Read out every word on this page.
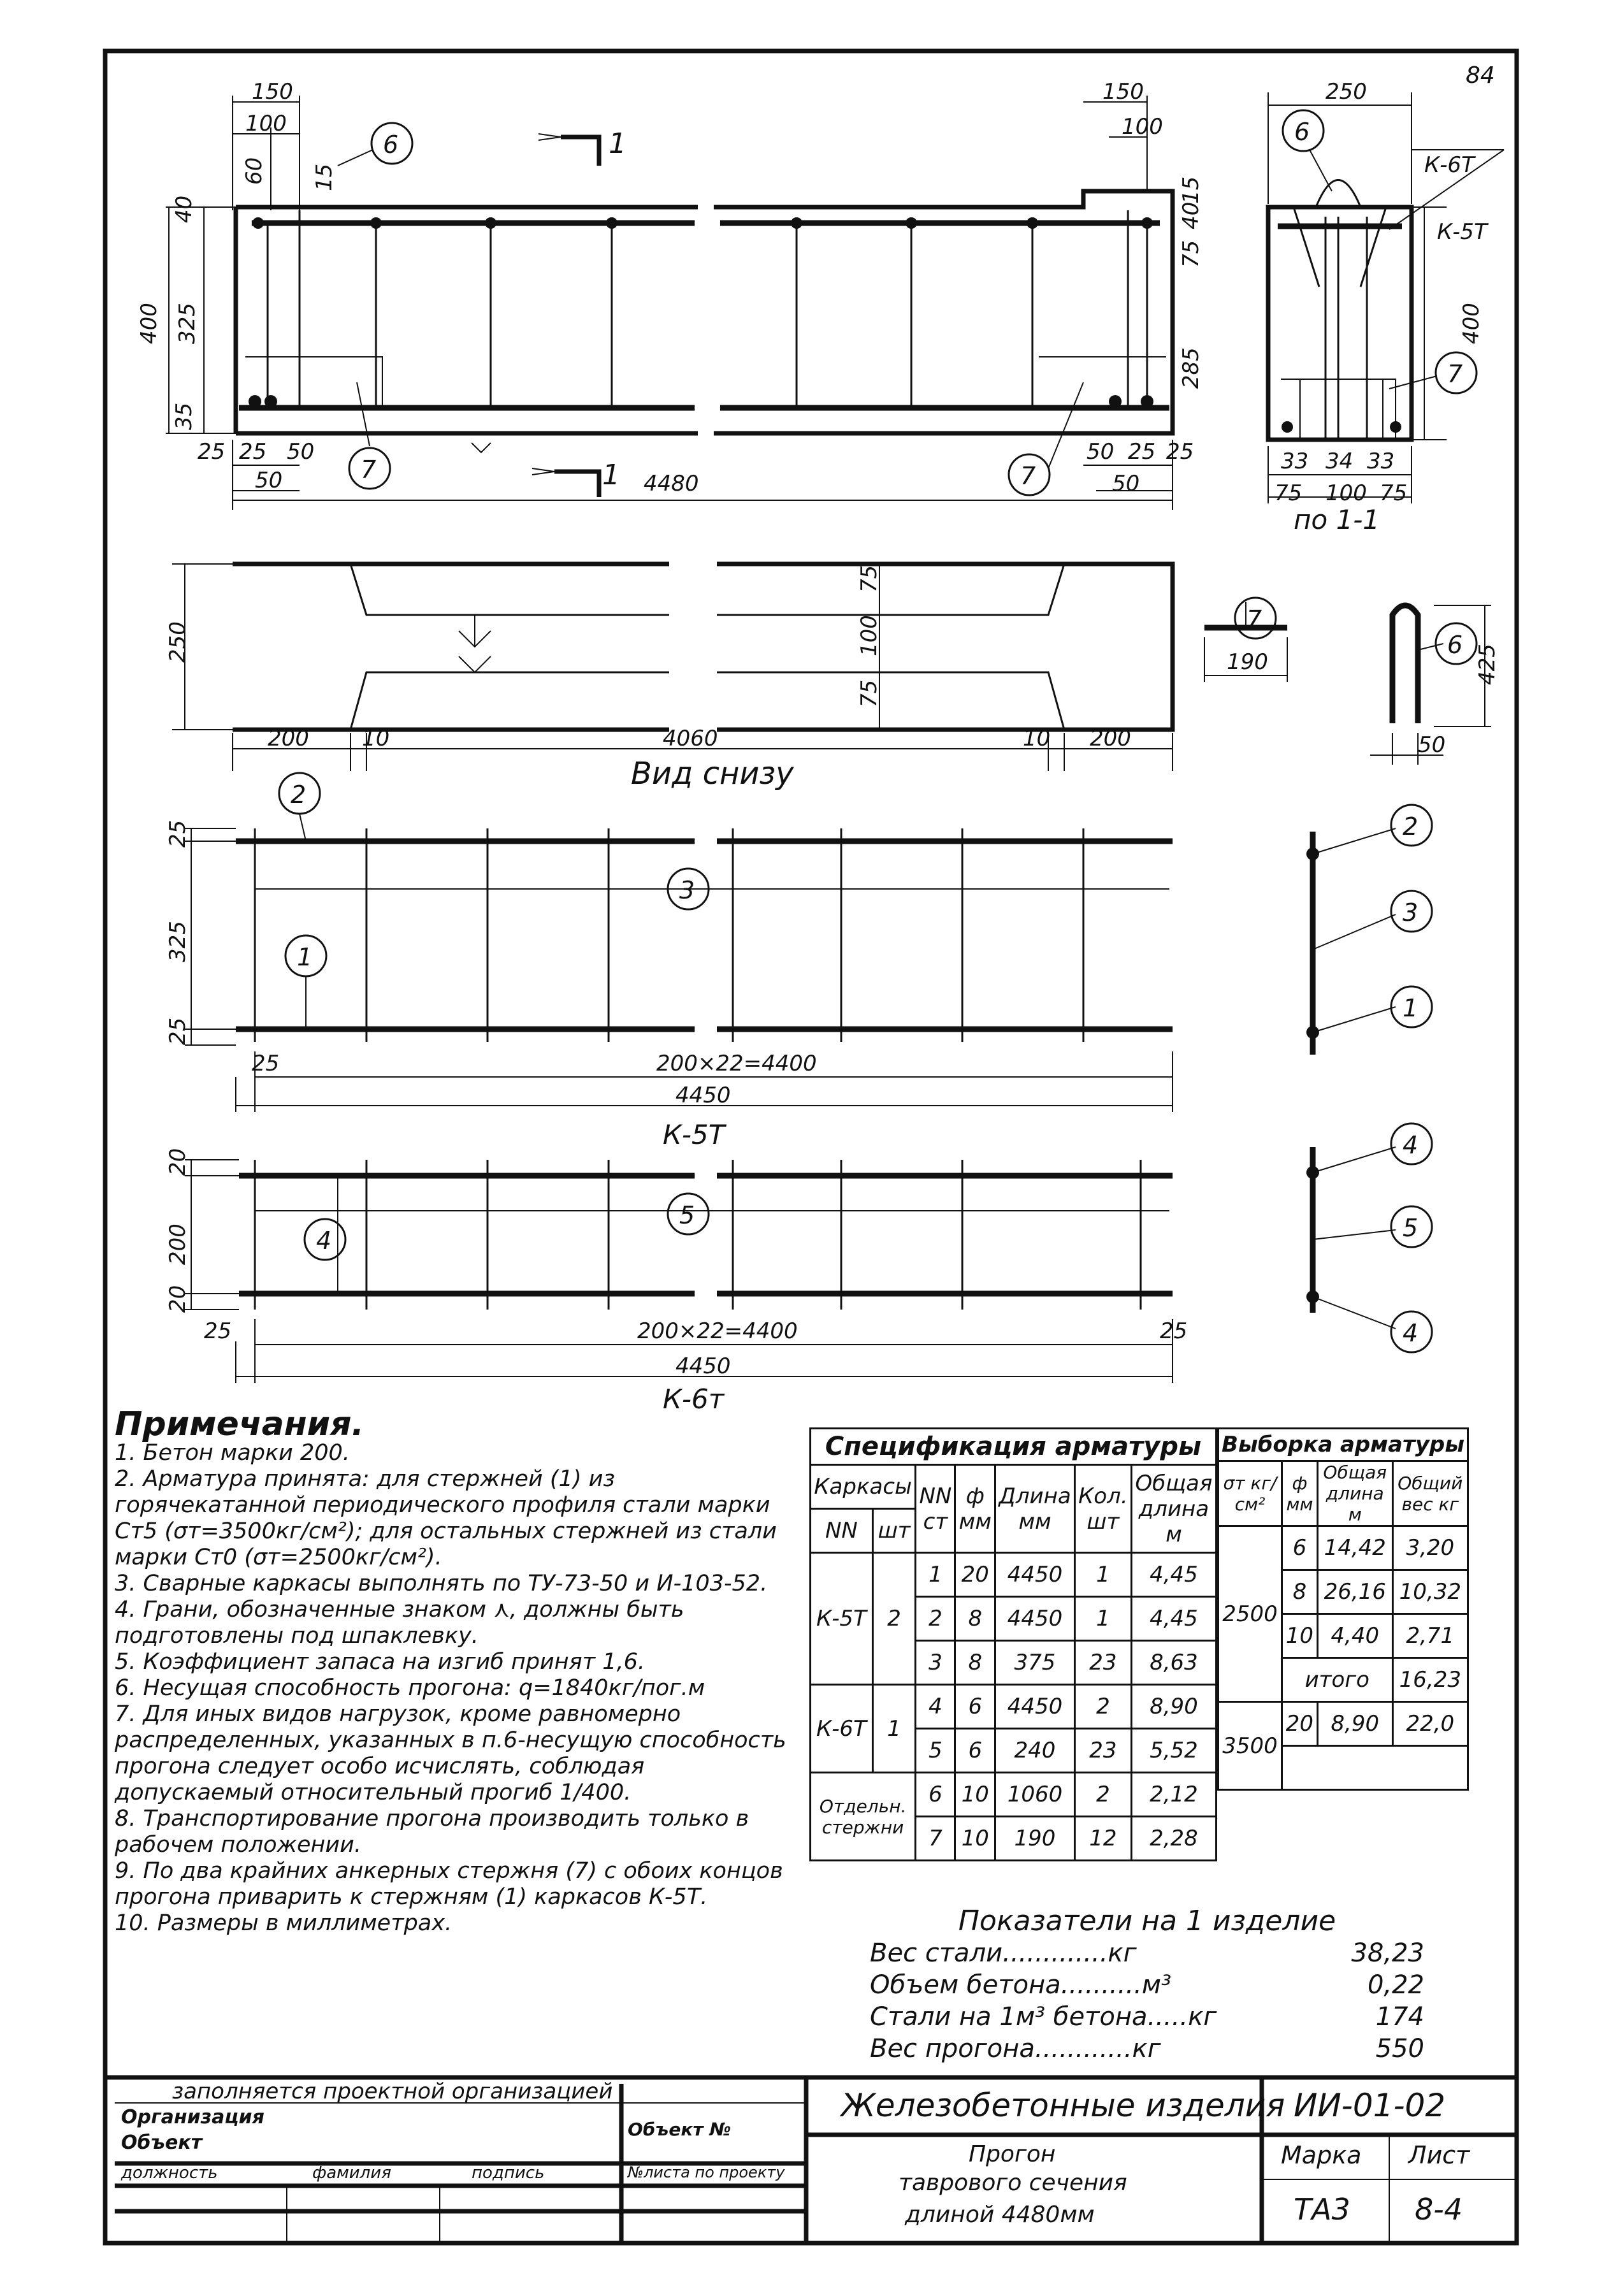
84
150
100
60 15
40
400 325
35
25 25 50
50	4480
150
100
15
40
75
285
50 25 25
50
1
1
250
К-6Т
К-5Т
400
33 34 33
75 100 75
по 1-1
250
75
100
75
200 10	4060	10 200
Вид снизу
190	425
50
25
325
25
25	200×22=4400
4450
К-5Т
20
200
20
25	200×22=4400	25
4450
К-6т
6
7	7
6
7
7
6
2
3
1
2
3
1
5
4
4
5
4
Примечания.

1. Бетон марки 200.

2. Арматура принята: для стержней (1) из горячекатанной периодического профиля стали марки Ст5 (σт=3500кг/см²); для остальных стержней из стали марки Ст0 (σт=2500кг/см²).

3. Сварные каркасы выполнять по ТУ-73-50 и И-103-52.

4. Грани, обозначенные знаком ⋏, должны быть подготовлены под шпаклевку.

5. Коэффициент запаса на изгиб принят 1,6.

6. Несущая способность прогона: q=1840кг/пог.м

7. Для иных видов нагрузок, кроме равномерно распределенных, указанных в п.6-несущую способность прогона следует особо исчислять, соблюдая допускаемый относительный прогиб 1/400.

8. Транспортирование прогона производить только в рабочем положении.

9. По два крайних анкерных стержня (7) с обоих концов прогона приварить к стержням (1) каркасов К-5Т.

10. Размеры в миллиметрах.

Спецификация арматуры						
Каркасы		NN ст	ф мм	Длина мм	Кол. шт	Общая длина м
NN	шт					
К-5Т	2	1	20	4450	1	4,45
		2	8	4450	1	4,45
		3	8	375	23	8,63
К-6Т	1	4	6	4450	2	8,90
		5	6	240	23	5,52
Отдельн. стержни		6	10	1060	2	2,12
		7	10	190	12	2,28
Выборка арматуры			
σт кг/см²	ф мм	Общая длина м	Общий вес кг
2500	6	14,42	3,20
	8	26,16	10,32
	10	4,40	2,71
	итого		16,23
3500	20	8,90	22,0

Показатели на 1 изделие
Вес стали.............кг	38,23
Объем бетона..........м³	0,22
Стали на 1м³ бетона.....кг	174
Вес прогона............кг	550
заполняется проектной организацией
Организация
Объект
Объект №
должность	фамилия	подпись	№листа по проекту
Железобетонные изделия ИИ-01-02
Прогон
таврового сечения
длиной 4480мм
Марка Лист
ТА3 8-4
